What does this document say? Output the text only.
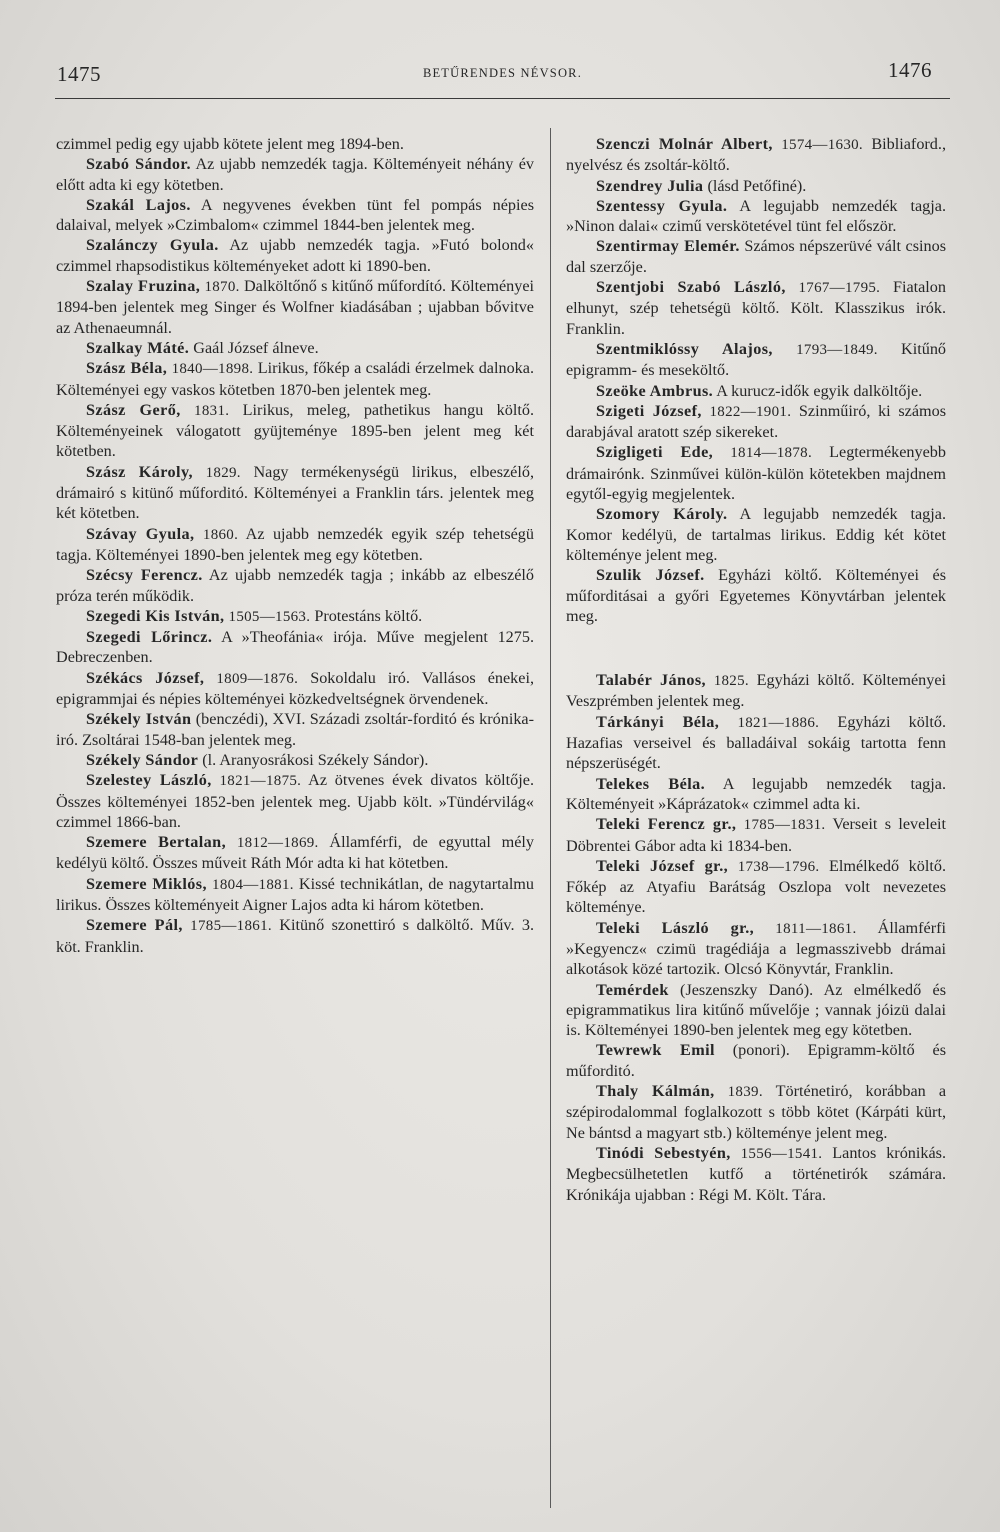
1475	BETŰRENDES NÉVSOR.	1476

czimmel pedig egy ujabb kötete jelent meg 1894-ben.

Szabó Sándor. Az ujabb nemzedék tagja. Költeményeit néhány év előtt adta ki egy kötetben.

Szakál Lajos. A negyvenes években tünt fel pompás népies dalaival, melyek »Czimbalom« czimmel 1844-ben jelentek meg.

Szalánczy Gyula. Az ujabb nemzedék tagja. »Futó bolond« czimmel rhapsodistikus költeményeket adott ki 1890-ben.

Szalay Fruzina, 1870. Dalköltőnő s kitűnő műfordító. Költeményei 1894-ben jelentek meg Singer és Wolfner kiadásában ; ujabban bővitve az Athenaeumnál.

Szalkay Máté. Gaál József álneve.

Szász Béla, 1840—1898. Lirikus, főkép a családi érzelmek dalnoka. Költeményei egy vaskos kötetben 1870-ben jelentek meg.

Szász Gerő, 1831. Lirikus, meleg, pathetikus hangu költő. Költeményeinek válogatott gyüjteménye 1895-ben jelent meg két kötetben.

Szász Károly, 1829. Nagy termékenységü lirikus, elbeszélő, drámairó s kitünő műforditó. Költeményei a Franklin társ. jelentek meg két kötetben.

Szávay Gyula, 1860. Az ujabb nemzedék egyik szép tehetségü tagja. Költeményei 1890-ben jelentek meg egy kötetben.

Szécsy Ferencz. Az ujabb nemzedék tagja ; inkább az elbeszélő próza terén működik.

Szegedi Kis István, 1505—1563. Protestáns költő.

Szegedi Lőrincz. A »Theofánia« irója. Műve megjelent 1275. Debreczenben.

Székács József, 1809—1876. Sokoldalu iró. Vallásos énekei, epigrammjai és népies költeményei közkedveltségnek örvendenek.

Székely István (benczédi), XVI. Századi zsoltár-forditó és krónika-iró. Zsoltárai 1548-ban jelentek meg.

Székely Sándor (l. Aranyosrákosi Székely Sándor).

Szelestey László, 1821—1875. Az ötvenes évek divatos költője. Összes költeményei 1852-ben jelentek meg. Ujabb költ. »Tündérvilág« czimmel 1866-ban.

Szemere Bertalan, 1812—1869. Államférfi, de egyuttal mély kedélyü költő. Összes műveit Ráth Mór adta ki hat kötetben.

Szemere Miklós, 1804—1881. Kissé technikátlan, de nagytartalmu lirikus. Összes költeményeit Aigner Lajos adta ki három kötetben.

Szemere Pál, 1785—1861. Kitünő szonettiró s dalköltő. Műv. 3. köt. Franklin.

Szenczi Molnár Albert, 1574—1630. Bibliaford., nyelvész és zsoltár-költő.

Szendrey Julia (lásd Petőfiné).

Szentessy Gyula. A legujabb nemzedék tagja. »Ninon dalai« czimű verskötetével tünt fel először.

Szentirmay Elemér. Számos népszerüvé vált csinos dal szerzője.

Szentjobi Szabó László, 1767—1795. Fiatalon elhunyt, szép tehetségü költő. Költ. Klasszikus irók. Franklin.

Szentmiklóssy Alajos, 1793—1849. Kitűnő epigramm- és meseköltő.

Szeöke Ambrus. A kurucz-idők egyik dalköltője.

Szigeti József, 1822—1901. Szinműiró, ki számos darabjával aratott szép sikereket.

Szigligeti Ede, 1814—1878. Legtermékenyebb drámairónk. Szinművei külön-külön kötetekben majdnem egytől-egyig megjelentek.

Szomory Károly. A legujabb nemzedék tagja. Komor kedélyü, de tartalmas lirikus. Eddig két kötet költeménye jelent meg.

Szulik József. Egyházi költő. Költeményei és műforditásai a győri Egyetemes Könyvtárban jelentek meg.

Talabér János, 1825. Egyházi költő. Költeményei Veszprémben jelentek meg.

Tárkányi Béla, 1821—1886. Egyházi költő. Hazafias verseivel és balladáival sokáig tartotta fenn népszerüségét.

Telekes Béla. A legujabb nemzedék tagja. Költeményeit »Káprázatok« czimmel adta ki.

Teleki Ferencz gr., 1785—1831. Verseit s leveleit Döbrentei Gábor adta ki 1834-ben.

Teleki József gr., 1738—1796. Elmélkedő költő. Főkép az Atyafiu Barátság Oszlopa volt nevezetes költeménye.

Teleki László gr., 1811—1861. Államférfi »Kegyencz« czimü tragédiája a legmasszivebb drámai alkotások közé tartozik. Olcsó Könyvtár, Franklin.

Temérdek (Jeszenszky Danó). Az elmélkedő és epigrammatikus lira kitűnő művelője ; vannak jóizü dalai is. Költeményei 1890-ben jelentek meg egy kötetben.

Tewrewk Emil (ponori). Epigramm-költő és műforditó.

Thaly Kálmán, 1839. Történetiró, korábban a szépirodalommal foglalkozott s több kötet (Kárpáti kürt, Ne bántsd a magyart stb.) költeménye jelent meg.

Tinódi Sebestyén, 1556—1541. Lantos krónikás. Megbecsülhetetlen kutfő a történetirók számára. Krónikája ujabban : Régi M. Költ. Tára.
